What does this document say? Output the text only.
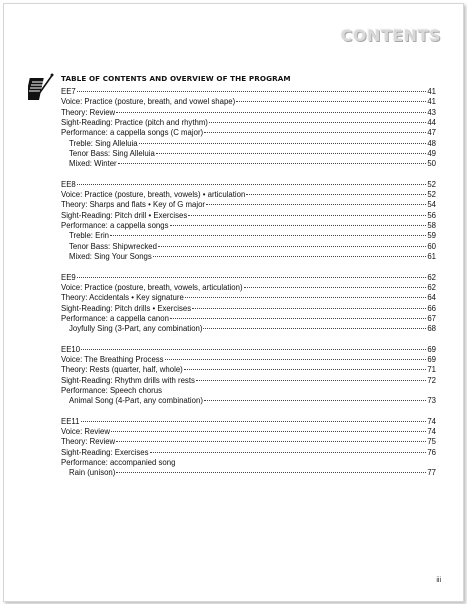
CONTENTS
TABLE OF CONTENTS AND OVERVIEW OF THE PROGRAM
EE7	41
Voice: Practice (posture, breath, and vowel shape)	41
Theory: Review	43
Sight-Reading: Practice (pitch and rhythm)	44
Performance: a cappella songs (C major)	47
Treble: Sing Alleluia	48
Tenor Bass: Sing Alleluia	49
Mixed: Winter	50
EE8	52
Voice: Practice (posture, breath, vowels) • articulation	52
Theory: Sharps and flats • Key of G major	54
Sight-Reading: Pitch drill • Exercises	56
Performance: a cappella songs	58
Treble: Erin	59
Tenor Bass: Shipwrecked	60
Mixed: Sing Your Songs	61
EE9	62
Voice: Practice (posture, breath, vowels, articulation)	62
Theory: Accidentals • Key signature	64
Sight-Reading: Pitch drills • Exercises	66
Performance: a cappella canon	67
Joyfully Sing (3-Part, any combination)	68
EE10	69
Voice: The Breathing Process	69
Theory: Rests (quarter, half, whole)	71
Sight-Reading: Rhythm drills with rests	72
Performance: Speech chorus
Animal Song (4-Part, any combination)	73
EE11	74
Voice: Review	74
Theory: Review	75
Sight-Reading: Exercises	76
Performance: accompanied song
Rain (unison)	77
iii
